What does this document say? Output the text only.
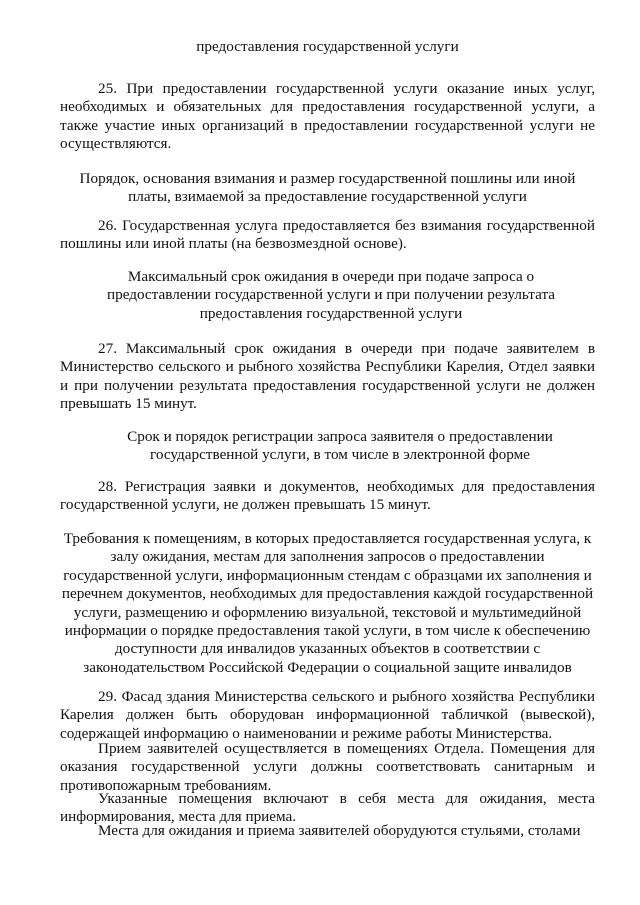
предоставления государственной услуги

25. При предоставлении государственной услуги оказание иных услуг, необходимых и обязательных для предоставления государственной услуги, а также участие иных организаций в предоставлении государственной услуги не осуществляются.

Порядок, основания взимания и размер государственной пошлины или иной платы, взимаемой за предоставление государственной услуги

26. Государственная услуга предоставляется без взимания государственной пошлины или иной платы (на безвозмездной основе).

Максимальный срок ожидания в очереди при подаче запроса о предоставлении государственной услуги и при получении результата предоставления государственной услуги

27. Максимальный срок ожидания в очереди при подаче заявителем в Министерство сельского и рыбного хозяйства Республики Карелия, Отдел заявки и при получении результата предоставления государственной услуги не должен превышать 15 минут.

Срок и порядок регистрации запроса заявителя о предоставлении государственной услуги, в том числе в электронной форме

28. Регистрация заявки и документов, необходимых для предоставления государственной услуги, не должен превышать 15 минут.

Требования к помещениям, в которых предоставляется государственная услуга, к залу ожидания, местам для заполнения запросов о предоставлении государственной услуги, информационным стендам с образцами их заполнения и перечнем документов, необходимых для предоставления каждой государственной услуги, размещению и оформлению визуальной, текстовой и мультимедийной информации о порядке предоставления такой услуги, в том числе к обеспечению доступности для инвалидов указанных объектов в соответствии с законодательством Российской Федерации о социальной защите инвалидов

29. Фасад здания Министерства сельского и рыбного хозяйства Республики Карелия должен быть оборудован информационной табличкой (вывеской), содержащей информацию о наименовании и режиме работы Министерства.

Прием заявителей осуществляется в помещениях Отдела. Помещения для оказания государственной услуги должны соответствовать санитарным и противопожарным требованиям.

Указанные помещения включают в себя места для ожидания, места информирования, места для приема.

Места для ожидания и приема заявителей оборудуются стульями, столами
